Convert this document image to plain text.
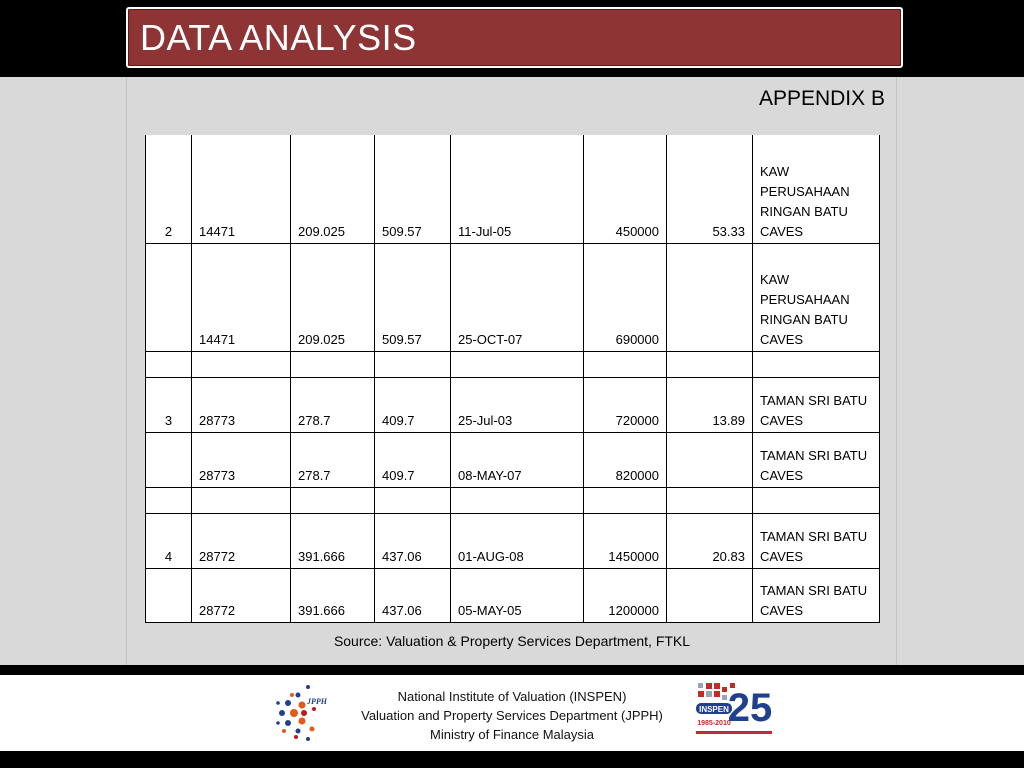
DATA ANALYSIS
APPENDIX B
2	14471	209.025	509.57	11-Jul-05	450000	53.33	KAW PERUSAHAAN RINGAN BATU CAVES
	14471	209.025	509.57	25-OCT-07	690000		KAW PERUSAHAAN RINGAN BATU CAVES

3	28773	278.7	409.7	25-Jul-03	720000	13.89	TAMAN SRI BATU CAVES
	28773	278.7	409.7	08-MAY-07	820000		TAMAN SRI BATU CAVES

4	28772	391.666	437.06	01-AUG-08	1450000	20.83	TAMAN SRI BATU CAVES
	28772	391.666	437.06	05-MAY-05	1200000		TAMAN SRI BATU CAVES
Source: Valuation & Property Services Department, FTKL
JPPH	National Institute of Valuation (INSPEN)
Valuation and Property Services Department (JPPH)
Ministry of Finance Malaysia
INSPEN
25
1985-2010
